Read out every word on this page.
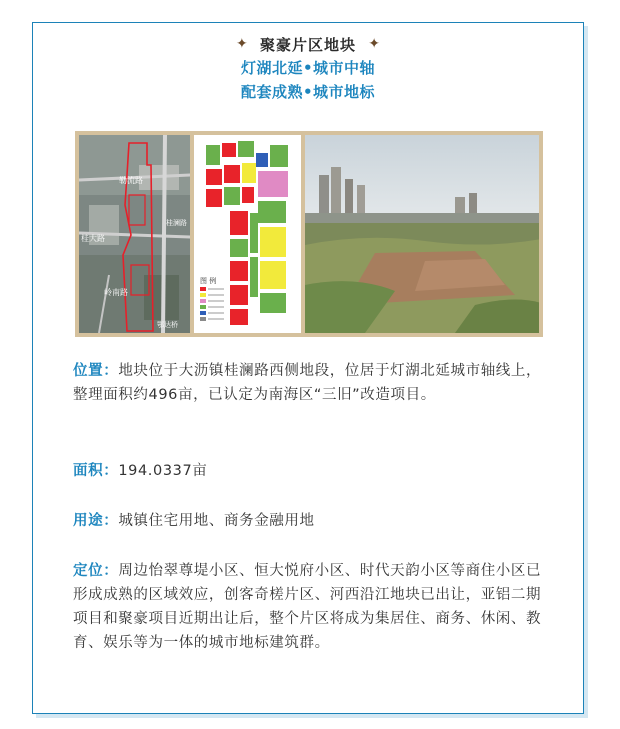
✦ 聚豪片区地块 ✦
灯湖北延•城市中轴
配套成熟•城市地标
勒流路
桂澜路
桂大路
岭南路
鄂达桥
图 例

位置：地块位于大沥镇桂澜路西侧地段，位居于灯湖北延城市轴线上，整理面积约496亩，已认定为南海区“三旧”改造项目。

面积：194.0337亩

用途：城镇住宅用地、商务金融用地

定位：周边怡翠尊堤小区、恒大悦府小区、时代天韵小区等商住小区已形成成熟的区域效应，创客奇槎片区、河西沿江地块已出让，亚铝二期项目和聚豪项目近期出让后，整个片区将成为集居住、商务、休闲、教育、娱乐等为一体的城市地标建筑群。
